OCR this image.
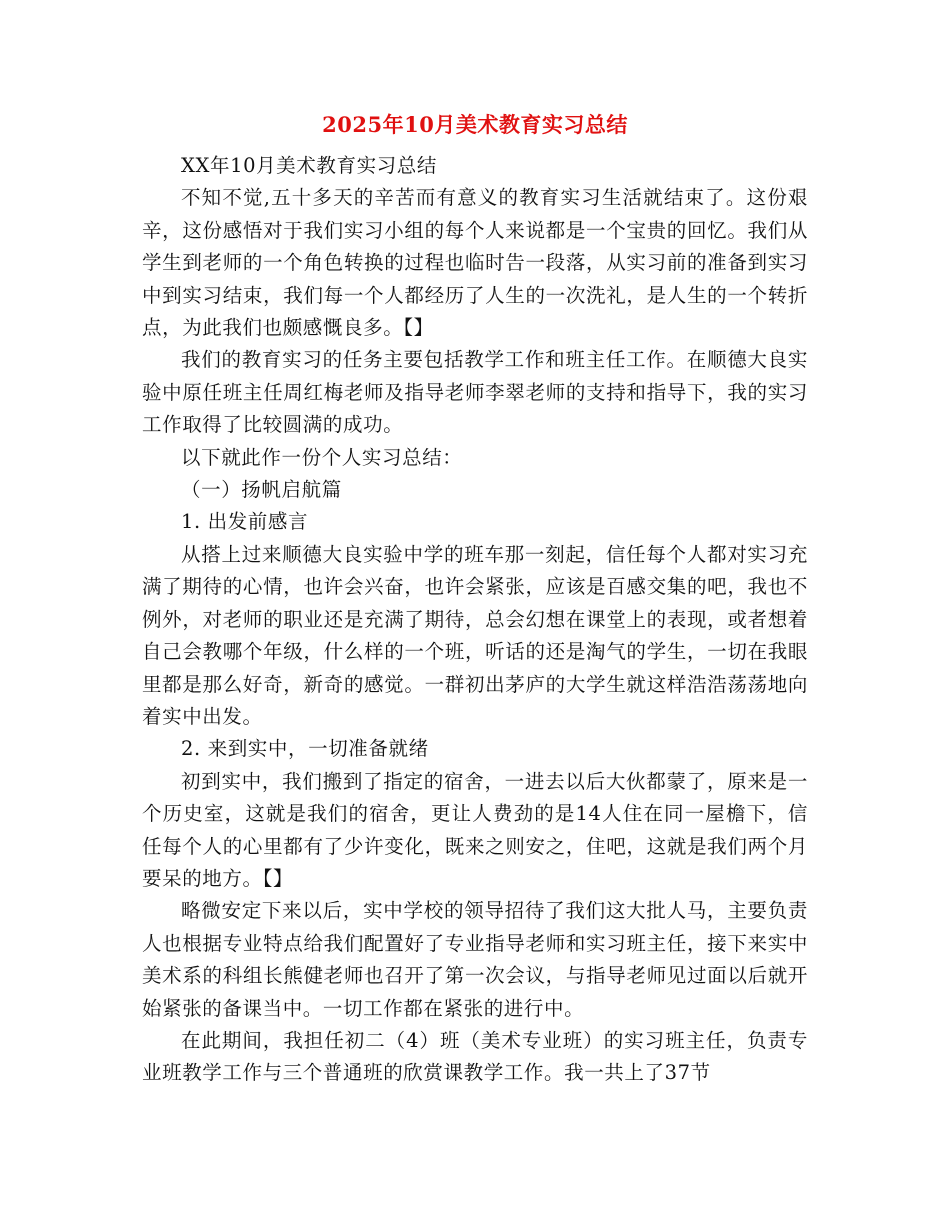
2025年10月美术教育实习总结

XX年10月美术教育实习总结

不知不觉,五十多天的辛苦而有意义的教育实习生活就结束了。这份艰辛，这份感悟对于我们实习小组的每个人来说都是一个宝贵的回忆。我们从学生到老师的一个角色转换的过程也临时告一段落，从实习前的准备到实习中到实习结束，我们每一个人都经历了人生的一次洗礼，是人生的一个转折点，为此我们也颇感慨良多。【】

我们的教育实习的任务主要包括教学工作和班主任工作。在顺德大良实验中原任班主任周红梅老师及指导老师李翠老师的支持和指导下，我的实习工作取得了比较圆满的成功。

以下就此作一份个人实习总结：

（一）扬帆启航篇

1. 出发前感言

从搭上过来顺德大良实验中学的班车那一刻起，信任每个人都对实习充满了期待的心情，也许会兴奋，也许会紧张，应该是百感交集的吧，我也不例外，对老师的职业还是充满了期待，总会幻想在课堂上的表现，或者想着自己会教哪个年级，什么样的一个班，听话的还是淘气的学生，一切在我眼里都是那么好奇，新奇的感觉。一群初出茅庐的大学生就这样浩浩荡荡地向着实中出发。

2. 来到实中，一切准备就绪

初到实中，我们搬到了指定的宿舍，一进去以后大伙都蒙了，原来是一个历史室，这就是我们的宿舍，更让人费劲的是14人住在同一屋檐下，信任每个人的心里都有了少许变化，既来之则安之，住吧，这就是我们两个月要呆的地方。【】

略微安定下来以后，实中学校的领导招待了我们这大批人马，主要负责人也根据专业特点给我们配置好了专业指导老师和实习班主任，接下来实中美术系的科组长熊健老师也召开了第一次会议，与指导老师见过面以后就开始紧张的备课当中。一切工作都在紧张的进行中。

在此期间，我担任初二（4）班（美术专业班）的实习班主任，负责专业班教学工作与三个普通班的欣赏课教学工作。我一共上了37节
